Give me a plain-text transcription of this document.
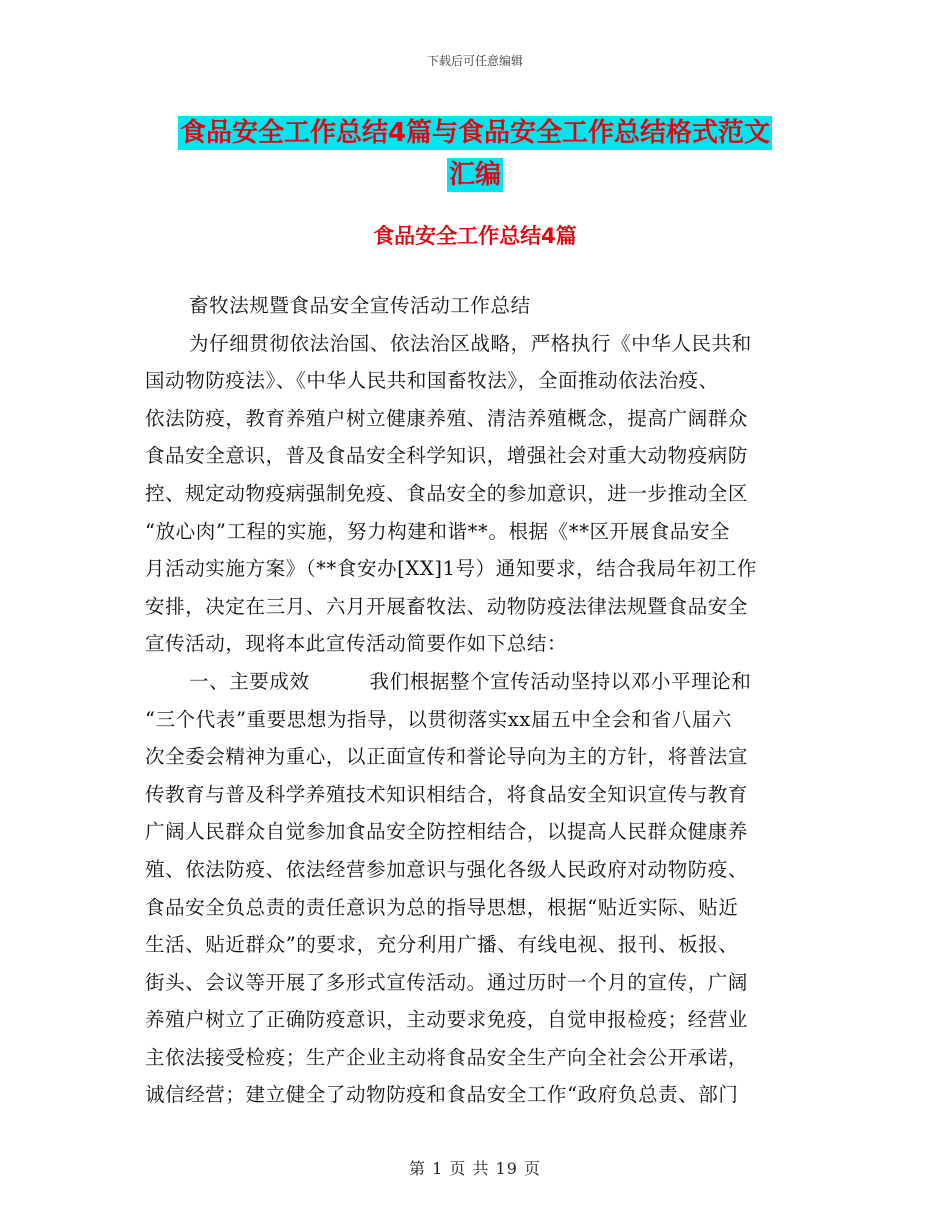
下载后可任意编辑
食品安全工作总结4篇与食品安全工作总结格式范文
汇编
食品安全工作总结4篇
畜牧法规暨食品安全宣传活动工作总结
为仔细贯彻依法治国、依法治区战略，严格执行《中华人民共和
国动物防疫法》、《中华人民共和国畜牧法》，全面推动依法治疫、
依法防疫，教育养殖户树立健康养殖、清洁养殖概念，提高广阔群众
食品安全意识，普及食品安全科学知识，增强社会对重大动物疫病防
控、规定动物疫病强制免疫、食品安全的参加意识，进一步推动全区
“放心肉”工程的实施，努力构建和谐**。根据《**区开展食品安全
月活动实施方案》（**食安办[XX]1号）通知要求，结合我局年初工作
安排，决定在三月、六月开展畜牧法、动物防疫法律法规暨食品安全
宣传活动，现将本此宣传活动简要作如下总结：
一、主要成效	我们根据整个宣传活动坚持以邓小平理论和
“三个代表”重要思想为指导，以贯彻落实xx届五中全会和省八届六
次全委会精神为重心，以正面宣传和誉论导向为主的方针，将普法宣
传教育与普及科学养殖技术知识相结合，将食品安全知识宣传与教育
广阔人民群众自觉参加食品安全防控相结合，以提高人民群众健康养
殖、依法防疫、依法经营参加意识与强化各级人民政府对动物防疫、
食品安全负总责的责任意识为总的指导思想，根据“贴近实际、贴近
生活、贴近群众”的要求，充分利用广播、有线电视、报刊、板报、
街头、会议等开展了多形式宣传活动。通过历时一个月的宣传，广阔
养殖户树立了正确防疫意识，主动要求免疫，自觉申报检疫；经营业
主依法接受检疫；生产企业主动将食品安全生产向全社会公开承诺，
诚信经营；建立健全了动物防疫和食品安全工作“政府负总责、部门
第 1 页 共 19 页
